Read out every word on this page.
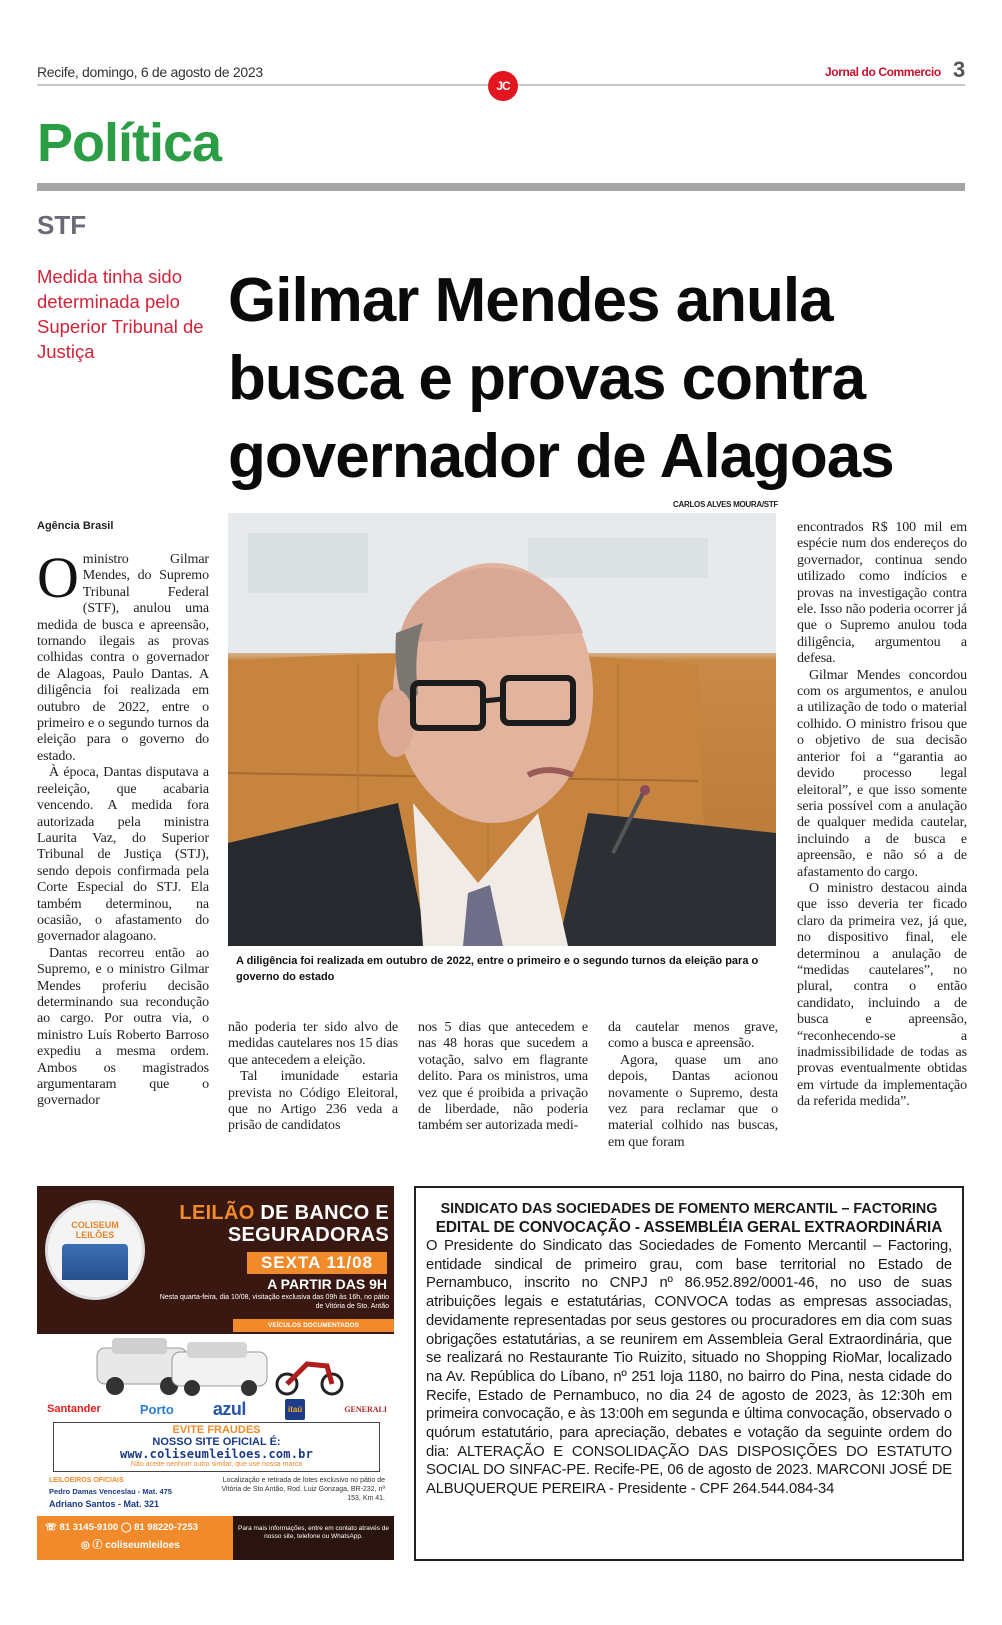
Recife, domingo, 6 de agosto de 2023
JC
Jornal do Commercio 3
Política
STF
Medida tinha sido determinada pelo Superior Tribunal de Justiça
Gilmar Mendes anula busca e provas contra governador de Alagoas
CARLOS ALVES MOURA/STF
Agência Brasil
A diligência foi realizada em outubro de 2022, entre o primeiro e o segundo turnos da eleição para o governo do estado
O ministro Gilmar Mendes, do Supremo Tribunal Federal (STF), anulou uma medida de busca e apreensão, tornando ilegais as provas colhidas contra o governador de Alagoas, Paulo Dantas. A diligência foi realizada em outubro de 2022, entre o primeiro e o segundo turnos da eleição para o governo do estado.

À época, Dantas disputava a reeleição, que acabaria vencendo. A medida fora autorizada pela ministra Laurita Vaz, do Superior Tribunal de Justiça (STJ), sendo depois confirmada pela Corte Especial do STJ. Ela também determinou, na ocasião, o afastamento do governador alagoano.

Dantas recorreu então ao Supremo, e o ministro Gilmar Mendes proferiu decisão determinando sua recondução ao cargo. Por outra via, o ministro Luís Roberto Barroso expediu a mesma ordem. Ambos os magistrados argumentaram que o governador

não poderia ter sido alvo de medidas cautelares nos 15 dias que antecedem a eleição.

Tal imunidade estaria prevista no Código Eleitoral, que no Artigo 236 veda a prisão de candidatos

nos 5 dias que antecedem e nas 48 horas que sucedem a votação, salvo em flagrante delito. Para os ministros, uma vez que é proibida a privação de liberdade, não poderia também ser autorizada medi-

da cautelar menos grave, como a busca e apreensão.

Agora, quase um ano depois, Dantas acionou novamente o Supremo, desta vez para reclamar que o material colhido nas buscas, em que foram

encontrados R$ 100 mil em espécie num dos endereços do governador, continua sendo utilizado como indícios e provas na investigação contra ele. Isso não poderia ocorrer já que o Supremo anulou toda diligência, argumentou a defesa.

Gilmar Mendes concordou com os argumentos, e anulou a utilização de todo o material colhido. O ministro frisou que o objetivo de sua decisão anterior foi a “garantia ao devido processo legal eleitoral”, e que isso somente seria possível com a anulação de qualquer medida cautelar, incluindo a de busca e apreensão, e não só a de afastamento do cargo.

O ministro destacou ainda que isso deveria ter ficado claro da primeira vez, já que, no dispositivo final, ele determinou a anulação de “medidas cautelares”, no plural, contra o então candidato, incluindo a de busca e apreensão, “reconhecendo-se a inadmissibilidade de todas as provas eventualmente obtidas em virtude da implementação da referida medida”.

COLISEUM LEILÕES
LEILÃO DE BANCO E SEGURADORAS
SEXTA 11/08
A PARTIR DAS 9H
Nesta quarta-feira, dia 10/08, visitação exclusiva das 09h às 16h, no pátio de Vitória de Sto. Antão
VEÍCULOS DOCUMENTADOS
Santander	Porto azul	itaú	GENERALI
EVITE FRAUDES
NOSSO SITE OFICIAL É:
www.coliseumleiloes.com.br
Não aceite nenhum outro similar, que use nossa marca
LEILOEIROS OFICIAIS
Pedro Damas Venceslau - Mat. 475
Adriano Santos - Mat. 321
Localização e retirada de lotes exclusivo no pátio de Vitória de Sto Antão, Rod. Luiz Gonzaga, BR-232, nº 153, Km 41.
☏ 81 3145-9100 ◯ 81 98220-7253
◎ ⓕ coliseumleiloes
Para mais informações, entre em contato através de nosso site, telefone ou WhatsApp.
SINDICATO DAS SOCIEDADES DE FOMENTO MERCANTIL – FACTORING
EDITAL DE CONVOCAÇÃO - ASSEMBLÉIA GERAL EXTRAORDINÁRIA
O Presidente do Sindicato das Sociedades de Fomento Mercantil – Factoring, entidade sindical de primeiro grau, com base territorial no Estado de Pernambuco, inscrito no CNPJ nº 86.952.892/0001-46, no uso de suas atribuições legais e estatutárias, CONVOCA todas as empresas associadas, devidamente representadas por seus gestores ou procuradores em dia com suas obrigações estatutárias, a se reunirem em Assembleia Geral Extraordinária, que se realizará no Restaurante Tio Ruizito, situado no Shopping RioMar, localizado na Av. República do Líbano, nº 251 loja 1180, no bairro do Pina, nesta cidade do Recife, Estado de Pernambuco, no dia 24 de agosto de 2023, às 12:30h em primeira convocação, e às 13:00h em segunda e última convocação, observado o quórum estatutário, para apreciação, debates e votação da seguinte ordem do dia: ALTERAÇÃO E CONSOLIDAÇÃO DAS DISPOSIÇÕES DO ESTATUTO SOCIAL DO SINFAC-PE. Recife-PE, 06 de agosto de 2023. MARCONI JOSÉ DE ALBUQUERQUE PEREIRA - Presidente - CPF 264.544.084-34
